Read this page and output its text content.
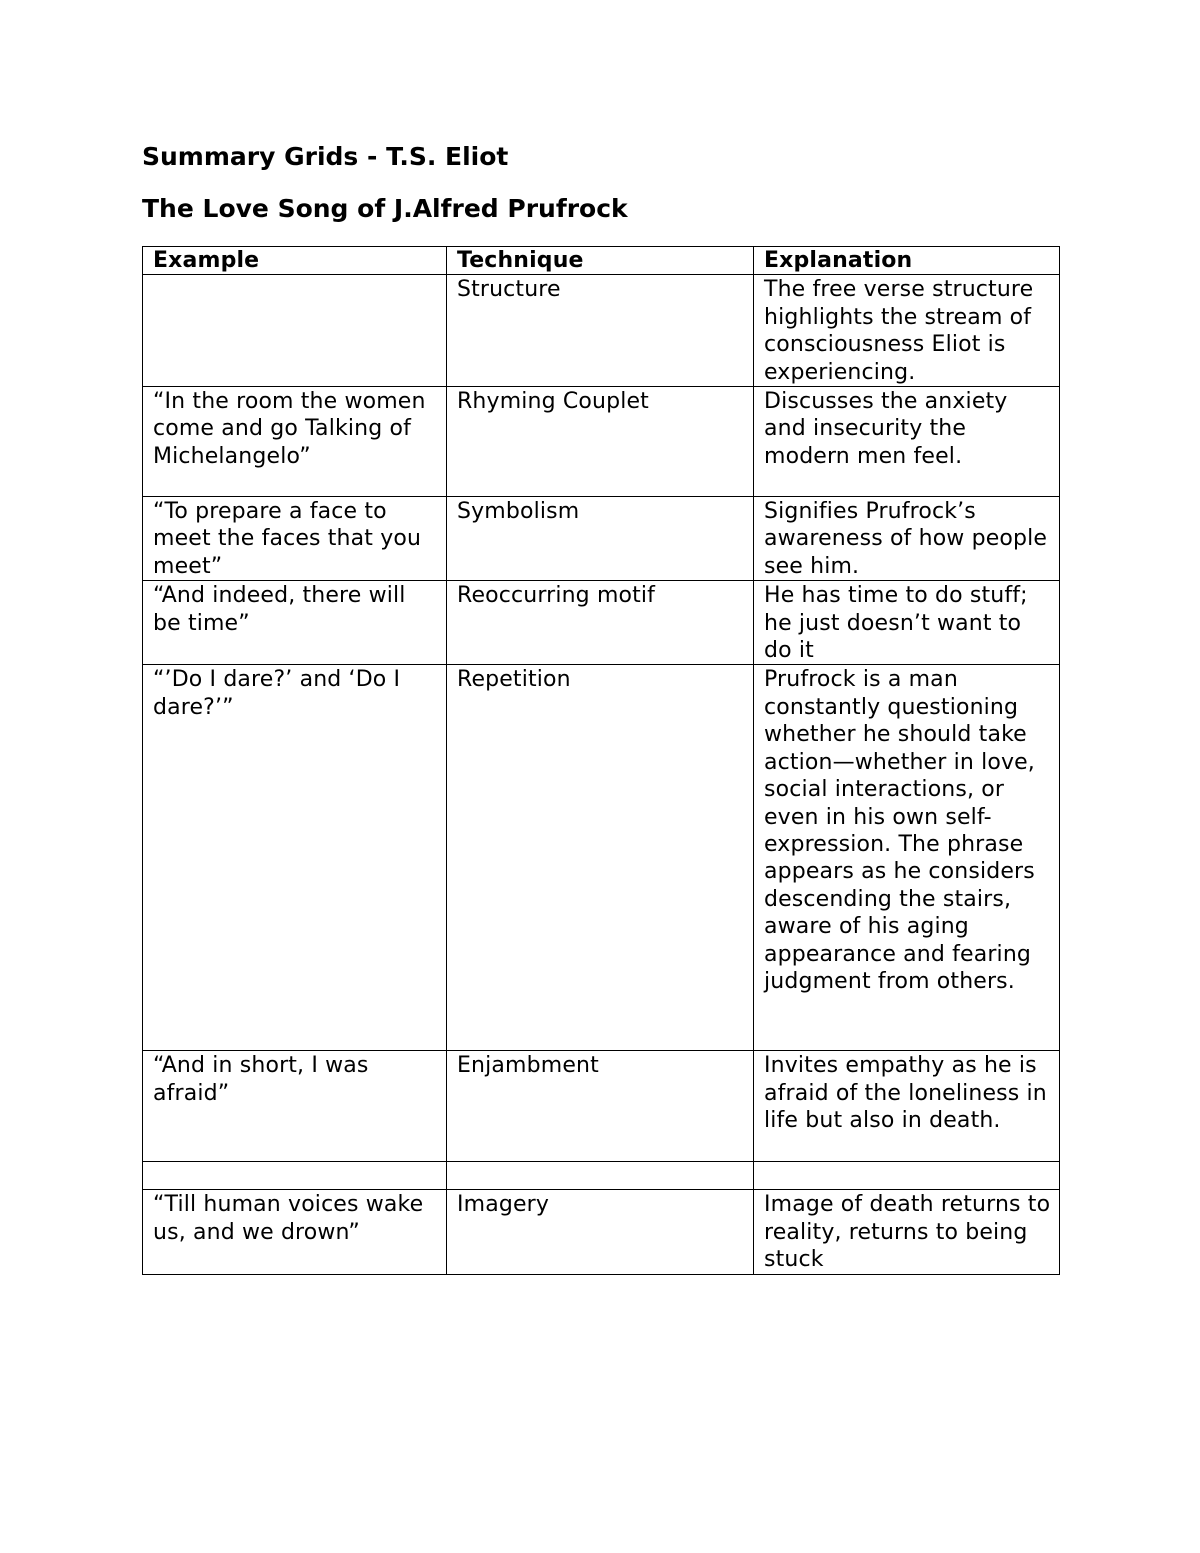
Summary Grids - T.S. Eliot
The Love Song of J.Alfred Prufrock
Example	Technique	Explanation
	Structure	The free verse structure highlights the stream of consciousness Eliot is experiencing.
“In the room the women come and go Talking of Michelangelo”	Rhyming Couplet	Discusses the anxiety and insecurity the modern men feel.
“To prepare a face to meet the faces that you meet”	Symbolism	Signifies Prufrock’s awareness of how people see him.
“And indeed, there will be time”	Reoccurring motif	He has time to do stuff; he just doesn’t want to do it
“’Do I dare?’ and ‘Do I dare?’”	Repetition	Prufrock is a man constantly questioning whether he should take action—whether in love, social interactions, or even in his own self-expression. The phrase appears as he considers descending the stairs, aware of his aging appearance and fearing judgment from others.
“And in short, I was afraid”	Enjambment	Invites empathy as he is afraid of the loneliness in life but also in death.

“Till human voices wake us, and we drown”	Imagery	Image of death returns to reality, returns to being stuck
